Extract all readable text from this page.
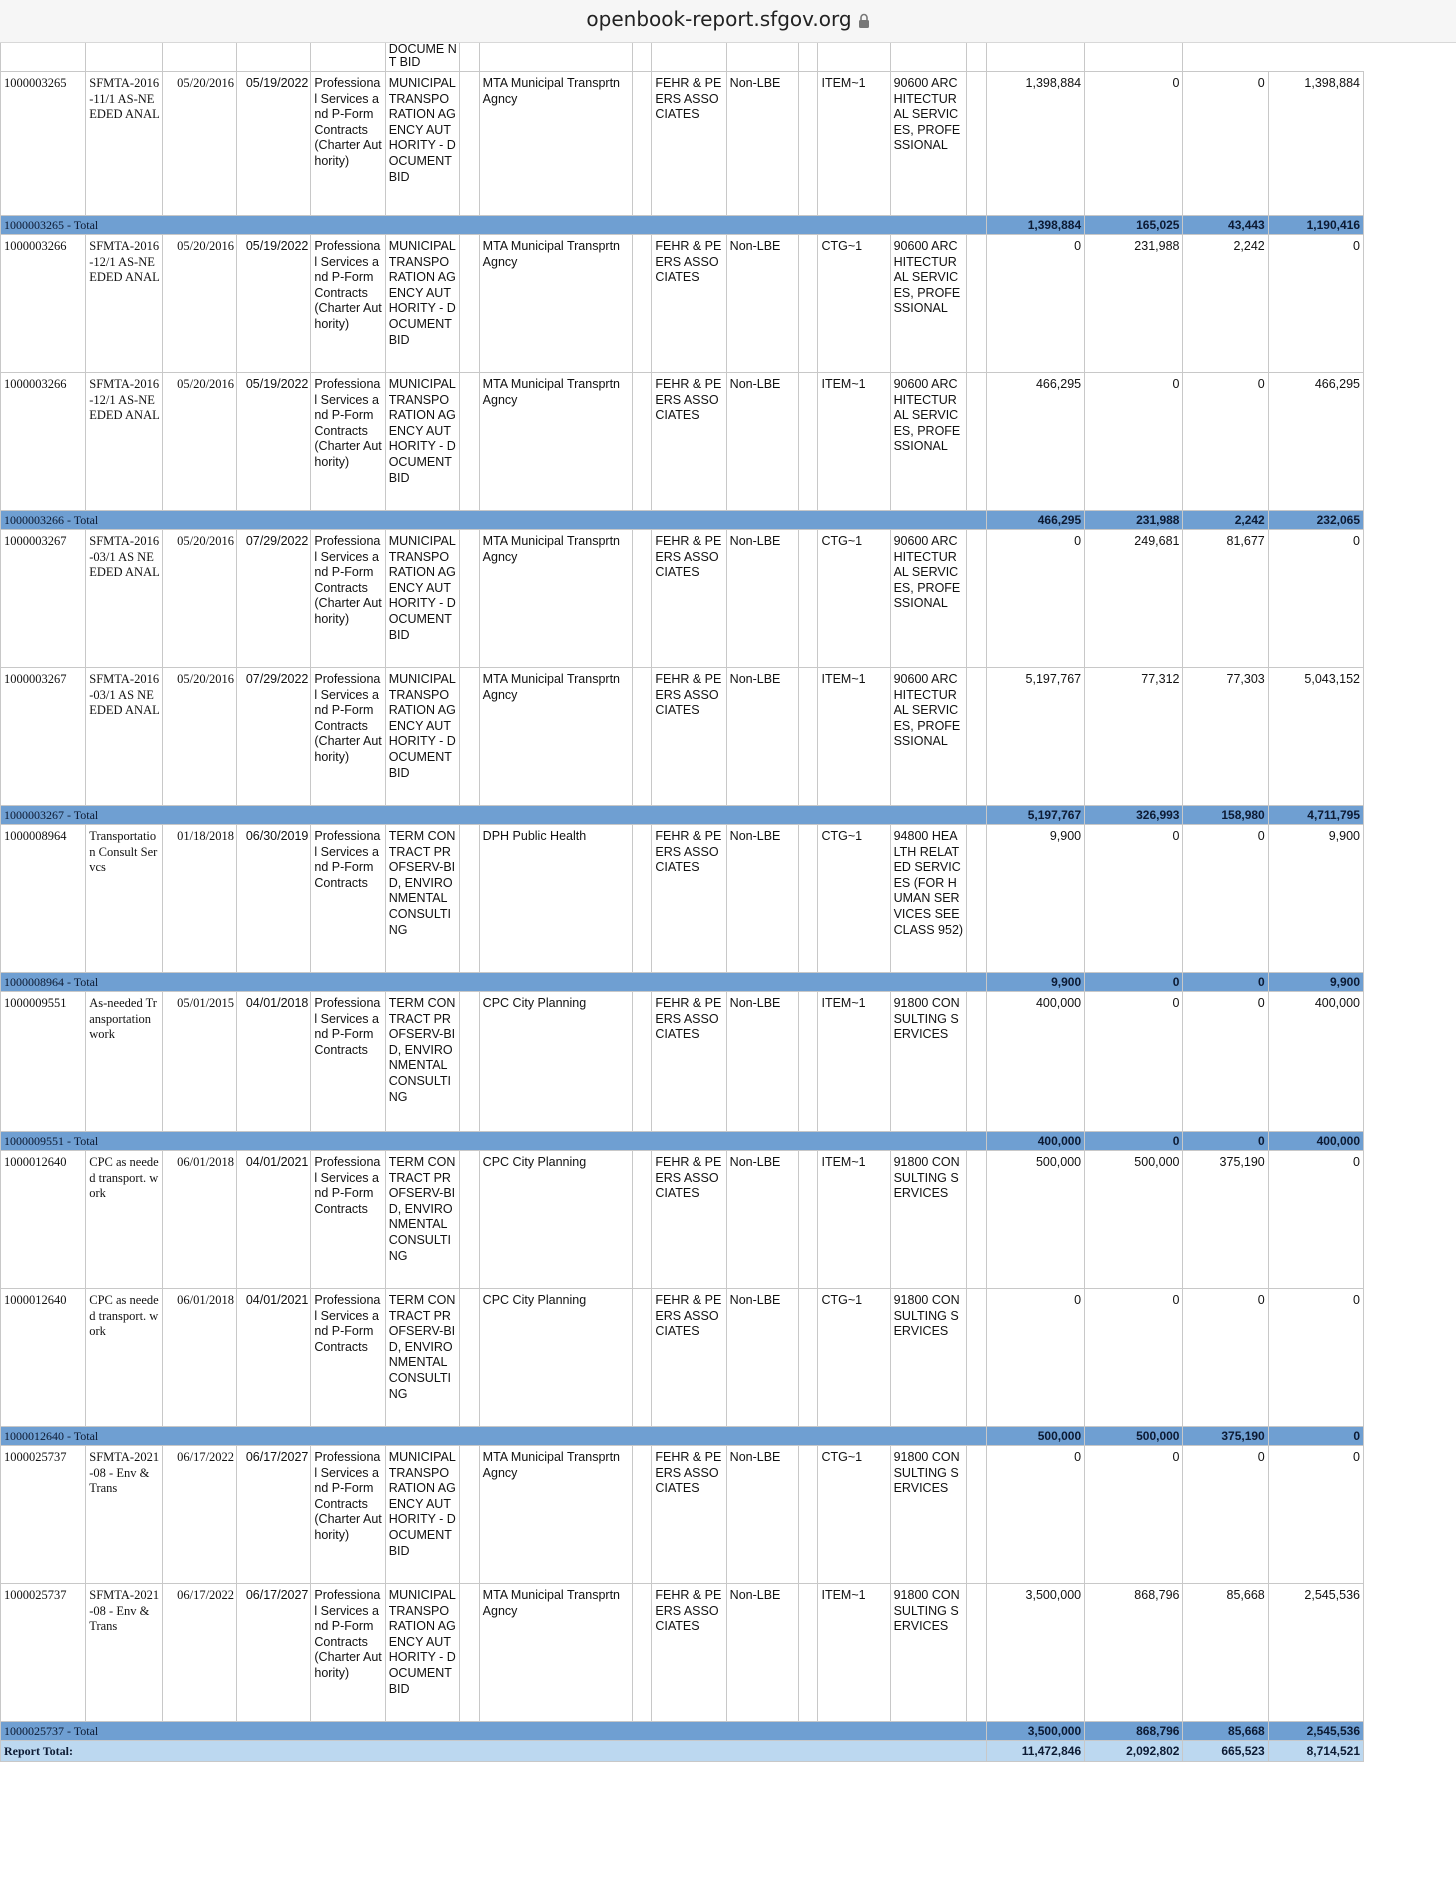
openbook-report.sfgov.org
					DOCUME NT BID													
1000003265	SFMTA-2016-11/1 AS-NEEDED ANAL	05/20/2016	05/19/2022	Professional Services and P-Form Contracts (Charter Authority)	MUNICIPAL TRANSPORATION AGENCY AUTHORITY - DOCUMENT BID		MTA Municipal Transprtn Agncy		FEHR & PEERS ASSOCIATES	Non-LBE		ITEM~1	90600 ARCHITECTURAL SERVICES, PROFESSIONAL		1,398,884	0	0	1,398,884
1000003265 - Total															1,398,884	165,025	43,443	1,190,416
1000003266	SFMTA-2016-12/1 AS-NEEDED ANAL	05/20/2016	05/19/2022	Professional Services and P-Form Contracts (Charter Authority)	MUNICIPAL TRANSPORATION AGENCY AUTHORITY - DOCUMENT BID		MTA Municipal Transprtn Agncy		FEHR & PEERS ASSOCIATES	Non-LBE		CTG~1	90600 ARCHITECTURAL SERVICES, PROFESSIONAL		0	231,988	2,242	0
1000003266	SFMTA-2016-12/1 AS-NEEDED ANAL	05/20/2016	05/19/2022	Professional Services and P-Form Contracts (Charter Authority)	MUNICIPAL TRANSPORATION AGENCY AUTHORITY - DOCUMENT BID		MTA Municipal Transprtn Agncy		FEHR & PEERS ASSOCIATES	Non-LBE		ITEM~1	90600 ARCHITECTURAL SERVICES, PROFESSIONAL		466,295	0	0	466,295
1000003266 - Total															466,295	231,988	2,242	232,065
1000003267	SFMTA-2016-03/1 AS NEEDED ANAL	05/20/2016	07/29/2022	Professional Services and P-Form Contracts (Charter Authority)	MUNICIPAL TRANSPORATION AGENCY AUTHORITY - DOCUMENT BID		MTA Municipal Transprtn Agncy		FEHR & PEERS ASSOCIATES	Non-LBE		CTG~1	90600 ARCHITECTURAL SERVICES, PROFESSIONAL		0	249,681	81,677	0
1000003267	SFMTA-2016-03/1 AS NEEDED ANAL	05/20/2016	07/29/2022	Professional Services and P-Form Contracts (Charter Authority)	MUNICIPAL TRANSPORATION AGENCY AUTHORITY - DOCUMENT BID		MTA Municipal Transprtn Agncy		FEHR & PEERS ASSOCIATES	Non-LBE		ITEM~1	90600 ARCHITECTURAL SERVICES, PROFESSIONAL		5,197,767	77,312	77,303	5,043,152
1000003267 - Total															5,197,767	326,993	158,980	4,711,795
1000008964	Transportation Consult Servcs	01/18/2018	06/30/2019	Professional Services and P-Form Contracts	TERM CONTRACT PROFSERV-BID, ENVIRONMENTAL CONSULTING		DPH Public Health		FEHR & PEERS ASSOCIATES	Non-LBE		CTG~1	94800 HEALTH RELATED SERVICES (FOR HUMAN SERVICES SEE CLASS 952)		9,900	0	0	9,900
1000008964 - Total															9,900	0	0	9,900
1000009551	As-needed Transportation work	05/01/2015	04/01/2018	Professional Services and P-Form Contracts	TERM CONTRACT PROFSERV-BID, ENVIRONMENTAL CONSULTING		CPC City Planning		FEHR & PEERS ASSOCIATES	Non-LBE		ITEM~1	91800 CONSULTING SERVICES		400,000	0	0	400,000
1000009551 - Total															400,000	0	0	400,000
1000012640	CPC as needed transport. work	06/01/2018	04/01/2021	Professional Services and P-Form Contracts	TERM CONTRACT PROFSERV-BID, ENVIRONMENTAL CONSULTING		CPC City Planning		FEHR & PEERS ASSOCIATES	Non-LBE		ITEM~1	91800 CONSULTING SERVICES		500,000	500,000	375,190	0
1000012640	CPC as needed transport. work	06/01/2018	04/01/2021	Professional Services and P-Form Contracts	TERM CONTRACT PROFSERV-BID, ENVIRONMENTAL CONSULTING		CPC City Planning		FEHR & PEERS ASSOCIATES	Non-LBE		CTG~1	91800 CONSULTING SERVICES		0	0	0	0
1000012640 - Total															500,000	500,000	375,190	0
1000025737	SFMTA-2021-08 - Env & Trans	06/17/2022	06/17/2027	Professional Services and P-Form Contracts (Charter Authority)	MUNICIPAL TRANSPORATION AGENCY AUTHORITY - DOCUMENT BID		MTA Municipal Transprtn Agncy		FEHR & PEERS ASSOCIATES	Non-LBE		CTG~1	91800 CONSULTING SERVICES		0	0	0	0
1000025737	SFMTA-2021-08 - Env & Trans	06/17/2022	06/17/2027	Professional Services and P-Form Contracts (Charter Authority)	MUNICIPAL TRANSPORATION AGENCY AUTHORITY - DOCUMENT BID		MTA Municipal Transprtn Agncy		FEHR & PEERS ASSOCIATES	Non-LBE		ITEM~1	91800 CONSULTING SERVICES		3,500,000	868,796	85,668	2,545,536
1000025737 - Total															3,500,000	868,796	85,668	2,545,536
Report Total:															11,472,846	2,092,802	665,523	8,714,521
